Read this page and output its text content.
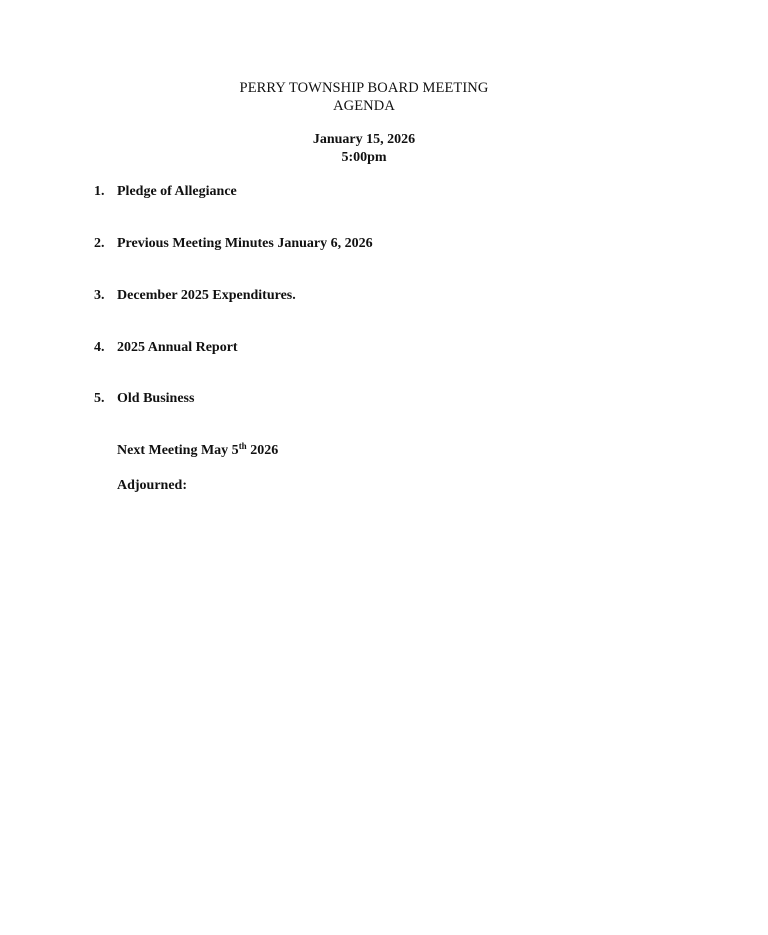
PERRY TOWNSHIP BOARD MEETING
AGENDA
January 15, 2026
5:00pm
1. Pledge of Allegiance
2. Previous Meeting Minutes January 6, 2026
3. December 2025 Expenditures.
4. 2025 Annual Report
5. Old Business
Next Meeting May 5th 2026
Adjourned:
